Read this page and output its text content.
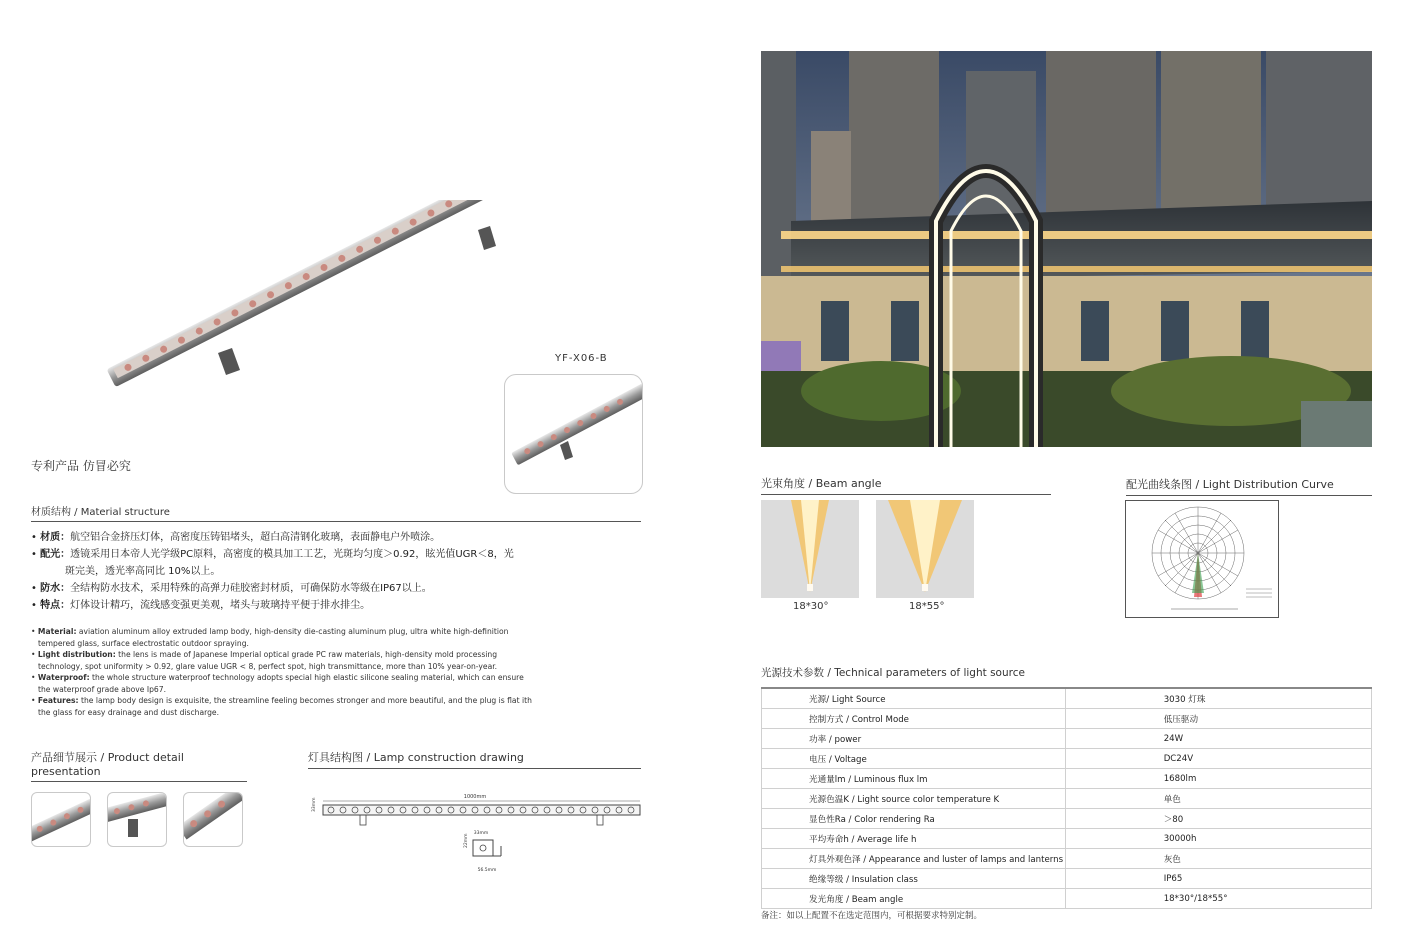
YF-X06-B
专利产品 仿冒必究
材质结构 / Material structure
• 材质：航空铝合金挤压灯体，高密度压铸铝堵头，超白高清钢化玻璃，表面静电户外喷涂。
• 配光：透镜采用日本帝人光学级PC原料，高密度的模具加工工艺，光斑均匀度＞0.92，眩光值UGR＜8，光
斑完美，透光率高同比 10%以上。
• 防水：全结构防水技术，采用特殊的高弹力硅胶密封材质，可确保防水等级在IP67以上。
• 特点：灯体设计精巧，流线感变强更美观，堵头与玻璃持平便于排水排尘。
• Material: aviation aluminum alloy extruded lamp body, high-density die-casting aluminum plug, ultra white high-definition
tempered glass, surface electrostatic outdoor spraying.
• Light distribution: the lens is made of Japanese Imperial optical grade PC raw materials, high-density mold processing
technology, spot uniformity > 0.92, glare value UGR < 8, perfect spot, high transmittance, more than 10% year-on-year.
• Waterproof: the whole structure waterproof technology adopts special high elastic silicone sealing material, which can ensure
the waterproof grade above Ip67.
• Features: the lamp body design is exquisite, the streamline feeling becomes stronger and more beautiful, and the plug is flat ith
the glass for easy drainage and dust discharge.
产品细节展示 / Product detail presentation
灯具结构图 / Lamp construction drawing
1000mm
33mm
33mm
22mm
56.5mm
光束角度 / Beam angle
18*30°	18*55°
配光曲线条图 / Light Distribution Curve
光源技术参数 / Technical parameters of light source
光源/ Light Source	3030 灯珠
控制方式 / Control Mode	低压驱动
功率 / power	24W
电压 / Voltage	DC24V
光通量lm / Luminous flux lm	1680lm
光源色温K / Light source color temperature K	单色
显色性Ra / Color rendering Ra	＞80
平均寿命h / Average life h	30000h
灯具外观色泽 / Appearance and luster of lamps and lanterns	灰色
绝缘等级 / Insulation class	IP65
发光角度 / Beam angle	18*30°/18*55°
备注：如以上配置不在选定范围内，可根据要求特别定制。
